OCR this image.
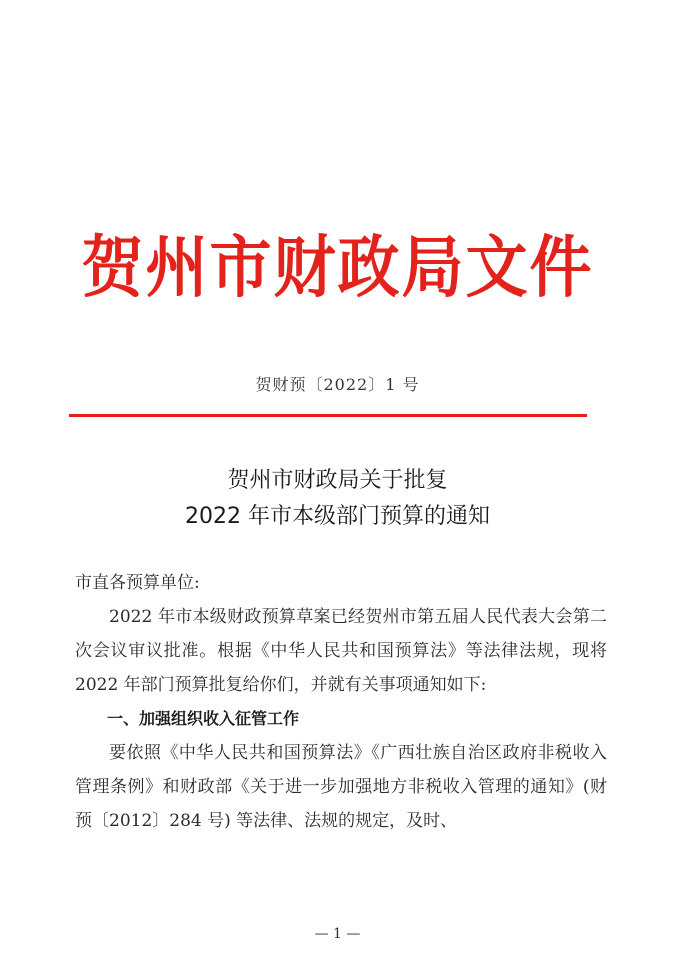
贺州市财政局文件
贺财预〔2022〕1 号
贺州市财政局关于批复
2022 年市本级部门预算的通知

市直各预算单位:

2022 年市本级财政预算草案已经贺州市第五届人民代表大会第二次会议审议批准。根据《中华人民共和国预算法》等法律法规，现将 2022 年部门预算批复给你们，并就有关事项通知如下:

一、加强组织收入征管工作

要依照《中华人民共和国预算法》《广西壮族自治区政府非税收入管理条例》和财政部《关于进一步加强地方非税收入管理的通知》(财预〔2012〕284 号) 等法律、法规的规定，及时、

— 1 —
